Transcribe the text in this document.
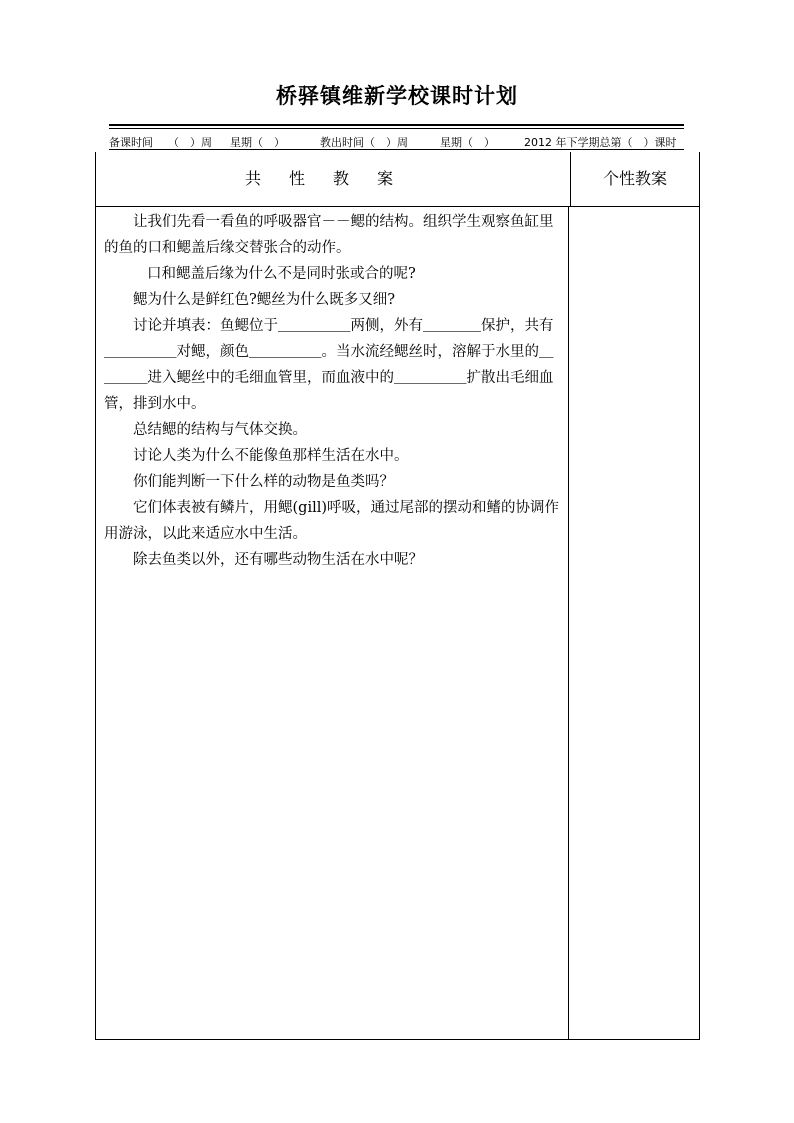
桥驿镇维新学校课时计划
备课时间 （　）周 星期（　）	教出时间（　）周	星期（　）	2012 年下学期总第（　）课时
共性教案	个性教案

让我们先看一看鱼的呼吸器官－－鳃的结构。组织学生观察鱼缸里的鱼的口和鳃盖后缘交替张合的动作。

口和鳃盖后缘为什么不是同时张或合的呢?

鳃为什么是鲜红色?鳃丝为什么既多又细?

讨论并填表：鱼鳃位于＿＿＿＿＿两侧，外有＿＿＿＿保护，共有＿＿＿＿＿对鳃，颜色＿＿＿＿＿。当水流经鳃丝时，溶解于水里的＿＿＿＿进入鳃丝中的毛细血管里，而血液中的＿＿＿＿＿扩散出毛细血管，排到水中。

总结鳃的结构与气体交换。

讨论人类为什么不能像鱼那样生活在水中。

你们能判断一下什么样的动物是鱼类吗？

它们体表被有鳞片，用鳃(gill)呼吸，通过尾部的摆动和鳍的协调作用游泳，以此来适应水中生活。

除去鱼类以外，还有哪些动物生活在水中呢？
